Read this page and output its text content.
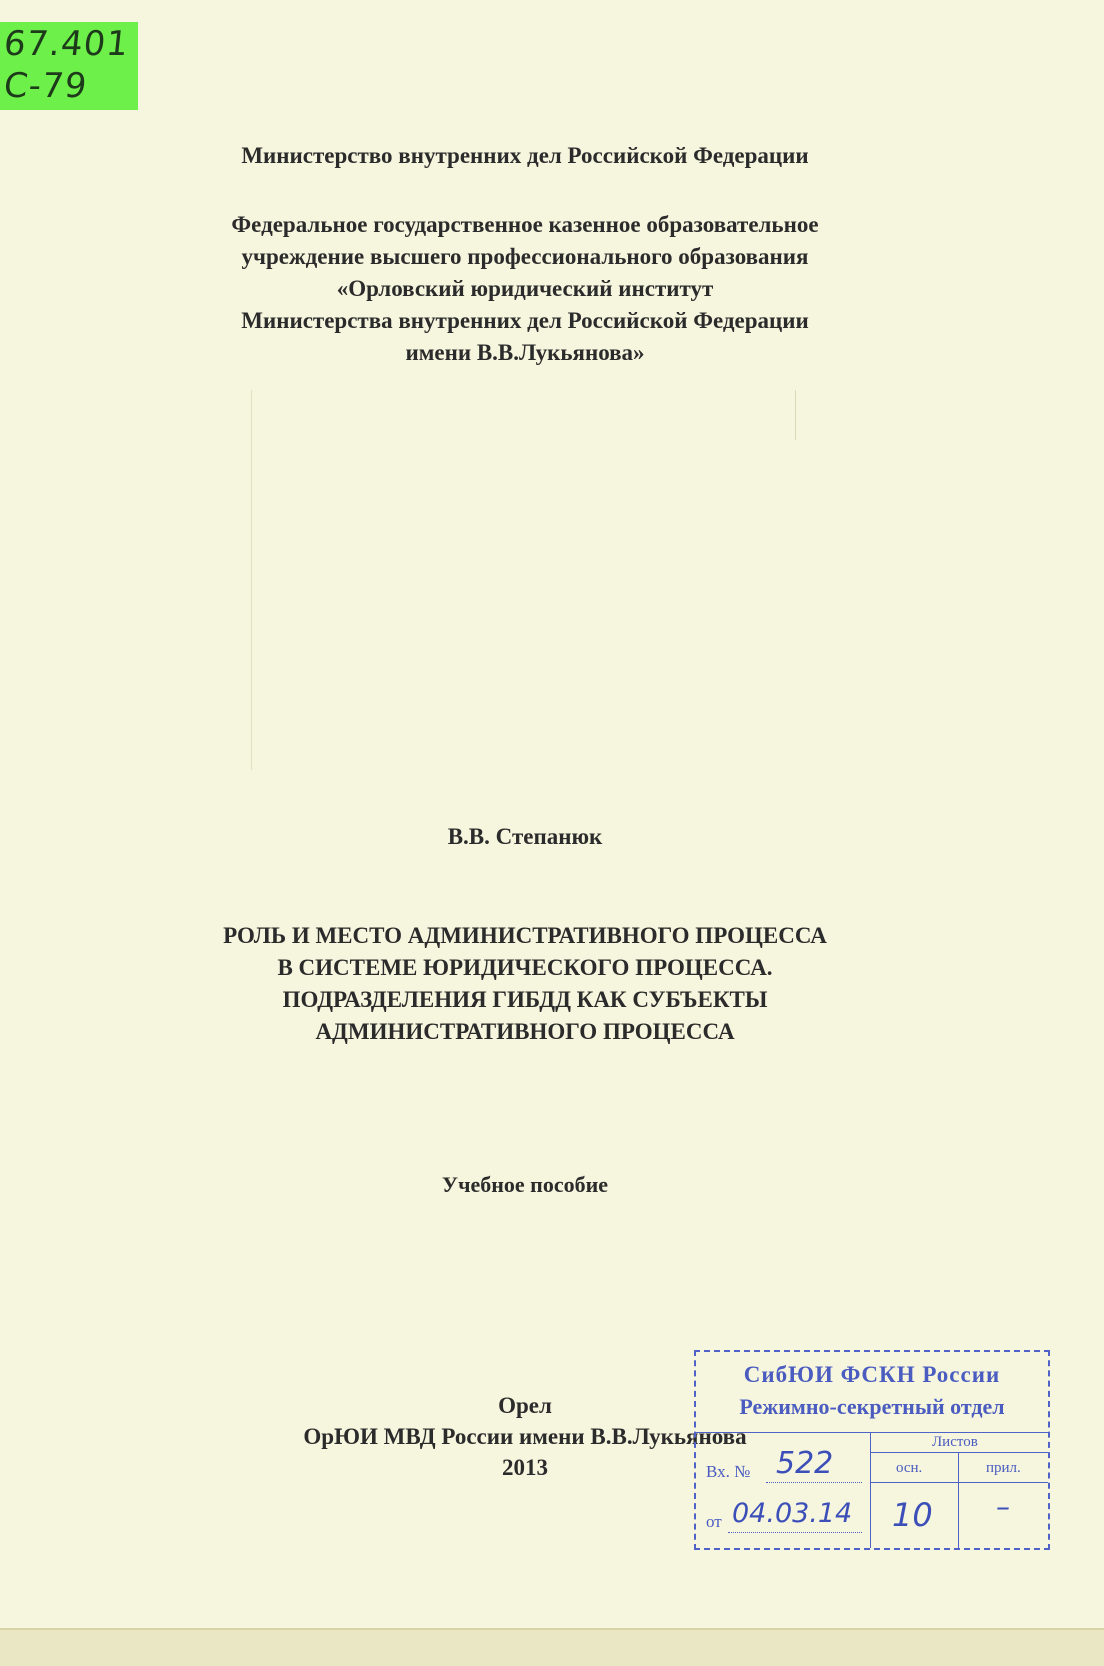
67.401
С-79
Министерство внутренних дел Российской Федерации
Федеральное государственное казенное образовательное
учреждение высшего профессионального образования
«Орловский юридический институт
Министерства внутренних дел Российской Федерации
имени В.В.Лукьянова»
В.В. Степанюк
РОЛЬ И МЕСТО АДМИНИСТРАТИВНОГО ПРОЦЕССА
В СИСТЕМЕ ЮРИДИЧЕСКОГО ПРОЦЕССА.
ПОДРАЗДЕЛЕНИЯ ГИБДД КАК СУБЪЕКТЫ
АДМИНИСТРАТИВНОГО ПРОЦЕССА
Учебное пособие
Орел
ОрЮИ МВД России имени В.В.Лукьянова
2013
СибЮИ ФСКН России
Режимно-секретный отдел
Листов
осн.	прил.
Вх. № 522
от 04.03.14 10 –
